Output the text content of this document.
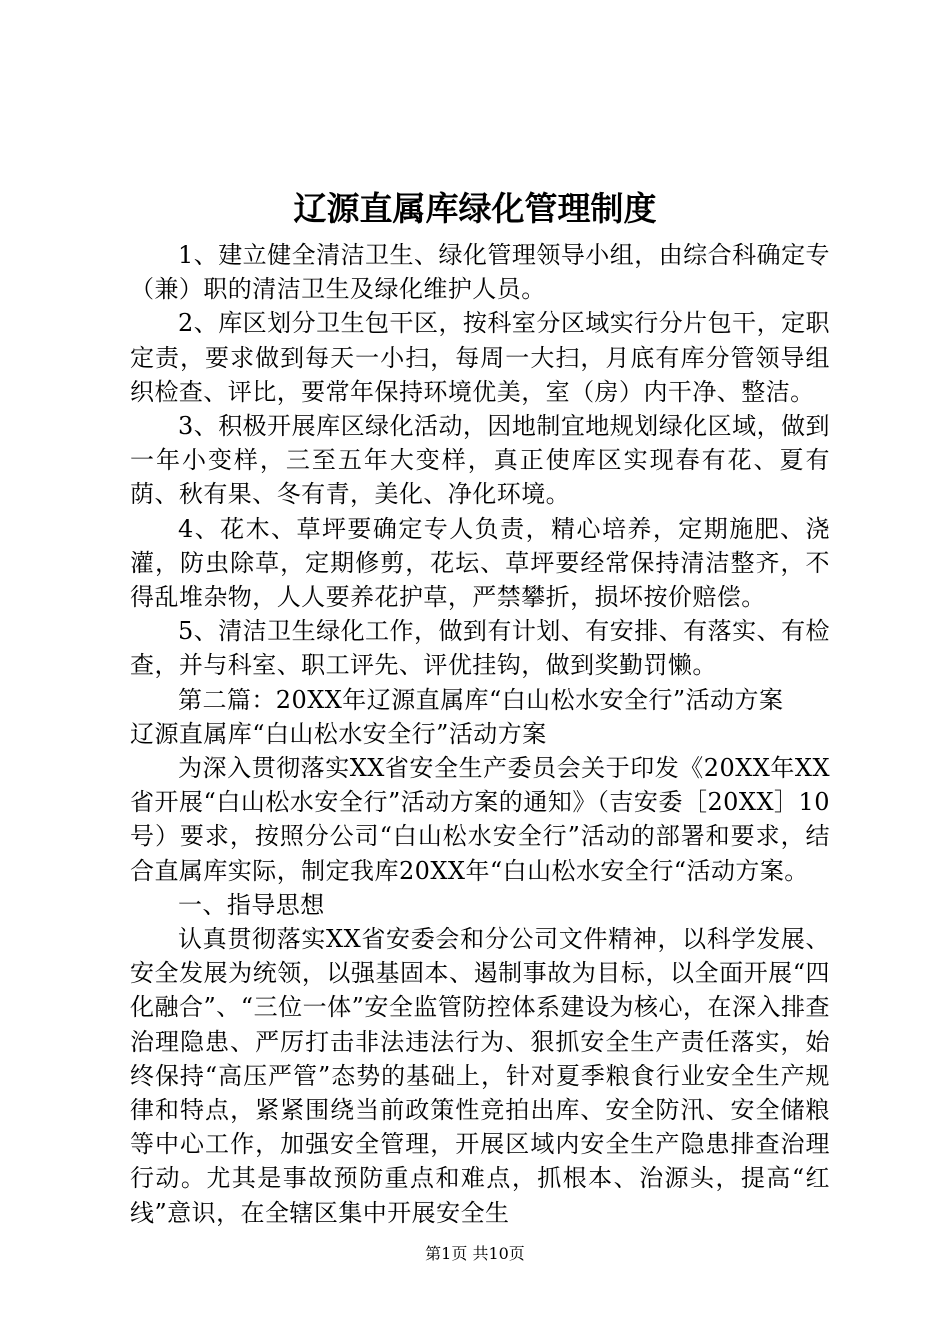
辽源直属库绿化管理制度

1、建立健全清洁卫生、绿化管理领导小组，由综合科确定专（兼）职的清洁卫生及绿化维护人员。

2、库区划分卫生包干区，按科室分区域实行分片包干，定职定责，要求做到每天一小扫，每周一大扫，月底有库分管领导组织检查、评比，要常年保持环境优美，室（房）内干净、整洁。

3、积极开展库区绿化活动，因地制宜地规划绿化区域，做到一年小变样，三至五年大变样，真正使库区实现春有花、夏有荫、秋有果、冬有青，美化、净化环境。

4、花木、草坪要确定专人负责，精心培养，定期施肥、浇灌，防虫除草，定期修剪，花坛、草坪要经常保持清洁整齐，不得乱堆杂物，人人要养花护草，严禁攀折，损坏按价赔偿。

5、清洁卫生绿化工作，做到有计划、有安排、有落实、有检查，并与科室、职工评先、评优挂钩，做到奖勤罚懒。

第二篇：20XX年辽源直属库“白山松水安全行”活动方案

辽源直属库“白山松水安全行”活动方案

为深入贯彻落实XX省安全生产委员会关于印发《20XX年XX省开展“白山松水安全行”活动方案的通知》（吉安委［20XX］10号）要求，按照分公司“白山松水安全行”活动的部署和要求，结合直属库实际，制定我库20XX年“白山松水安全行“活动方案。

一、指导思想

认真贯彻落实XX省安委会和分公司文件精神，以科学发展、安全发展为统领，以强基固本、遏制事故为目标，以全面开展“四化融合”、“三位一体”安全监管防控体系建设为核心，在深入排查治理隐患、严厉打击非法违法行为、狠抓安全生产责任落实，始终保持“高压严管”态势的基础上，针对夏季粮食行业安全生产规律和特点，紧紧围绕当前政策性竞拍出库、安全防汛、安全储粮等中心工作，加强安全管理，开展区域内安全生产隐患排查治理行动。尤其是事故预防重点和难点，抓根本、治源头，提高“红线”意识，在全辖区集中开展安全生

第1页 共10页
